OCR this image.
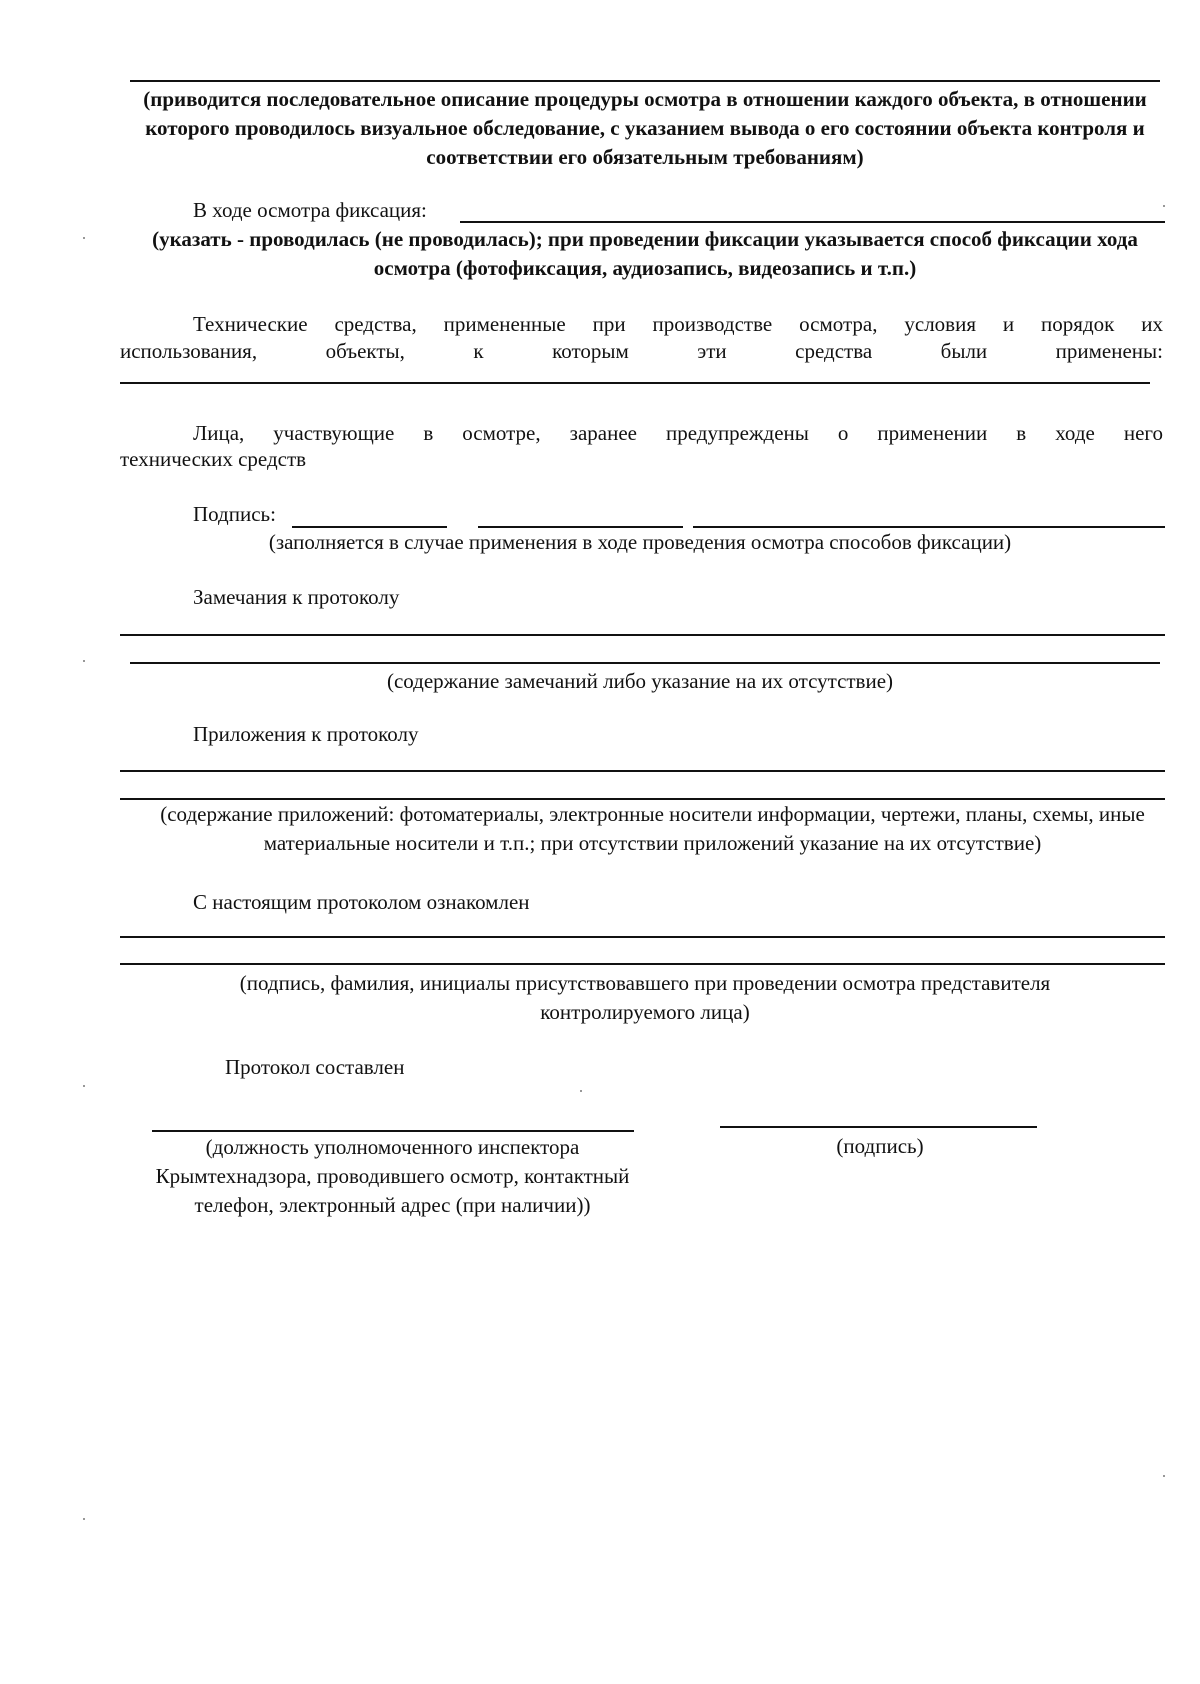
(приводится последовательное описание процедуры осмотра в отношении каждого объекта, в отношении которого проводилось визуальное обследование, с указанием вывода о его состоянии объекта контроля и соответствии его обязательным требованиям)
В ходе осмотра фиксация:
(указать - проводилась (не проводилась); при проведении фиксации указывается способ фиксации хода осмотра (фотофиксация, аудиозапись, видеозапись и т.п.)
Технические средства, примененные при производстве осмотра, условия и порядок их
использования, объекты, к которым эти средства были применены:
Лица, участвующие в осмотре, заранее предупреждены о применении в ходе него
технических средств
Подпись:
(заполняется в случае применения в ходе проведения осмотра способов фиксации)
Замечания к протоколу
(содержание замечаний либо указание на их отсутствие)
Приложения к протоколу
(содержание приложений: фотоматериалы, электронные носители информации, чертежи, планы, схемы, иные материальные носители и т.п.; при отсутствии приложений указание на их отсутствие)
С настоящим протоколом ознакомлен
(подпись, фамилия, инициалы присутствовавшего при проведении осмотра представителя контролируемого лица)
Протокол составлен
(должность уполномоченного инспектора Крымтехнадзора, проводившего осмотр, контактный телефон, электронный адрес (при наличии))
(подпись)
